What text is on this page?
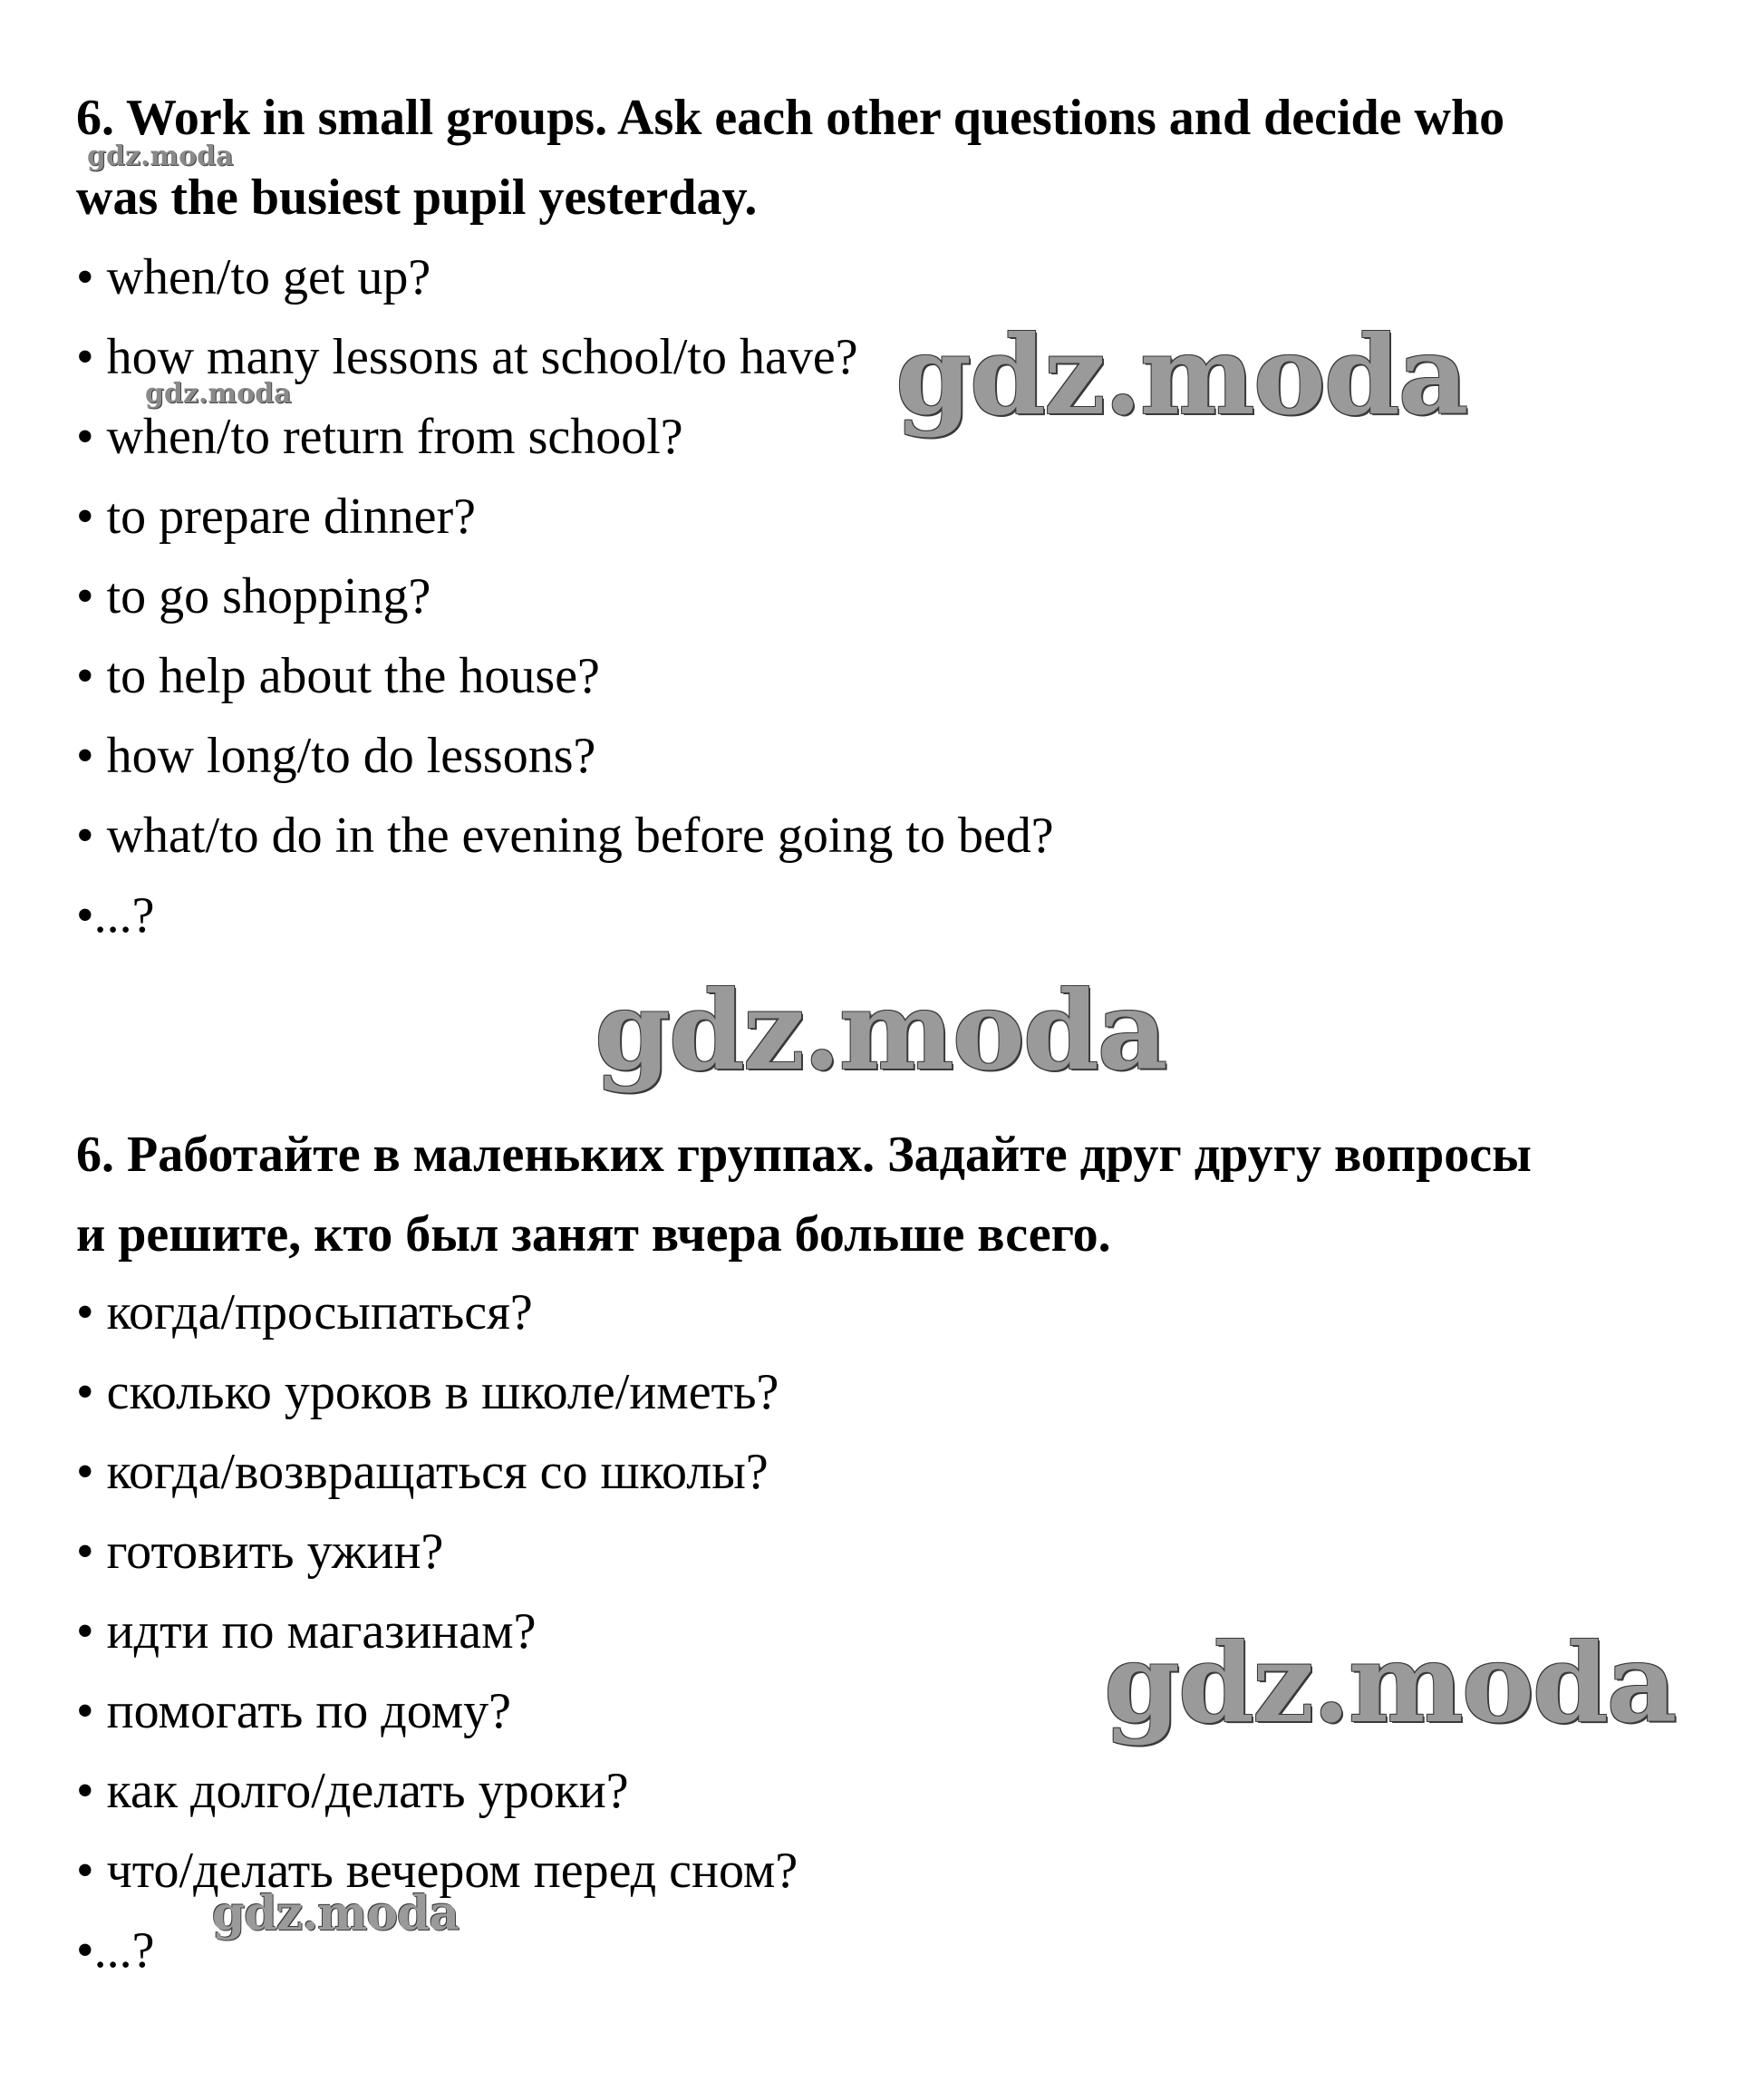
6. Work in small groups. Ask each other questions and decide who
was the busiest pupil yesterday.
• when/to get up?
• how many lessons at school/to have?
• when/to return from school?
• to prepare dinner?
• to go shopping?
• to help about the house?
• how long/to do lessons?
• what/to do in the evening before going to bed?
•...?
6. Работайте в маленьких группах. Задайте друг другу вопросы
и решите, кто был занят вчера больше всего.
• когда/просыпаться?
• сколько уроков в школе/иметь?
• когда/возвращаться со школы?
• готовить ужин?
• идти по магазинам?
• помогать по дому?
• как долго/делать уроки?
• что/делать вечером перед сном?
•...?
gdz.moda
gdz.moda
gdz.moda
gdz.moda
gdz.moda
gdz.moda
